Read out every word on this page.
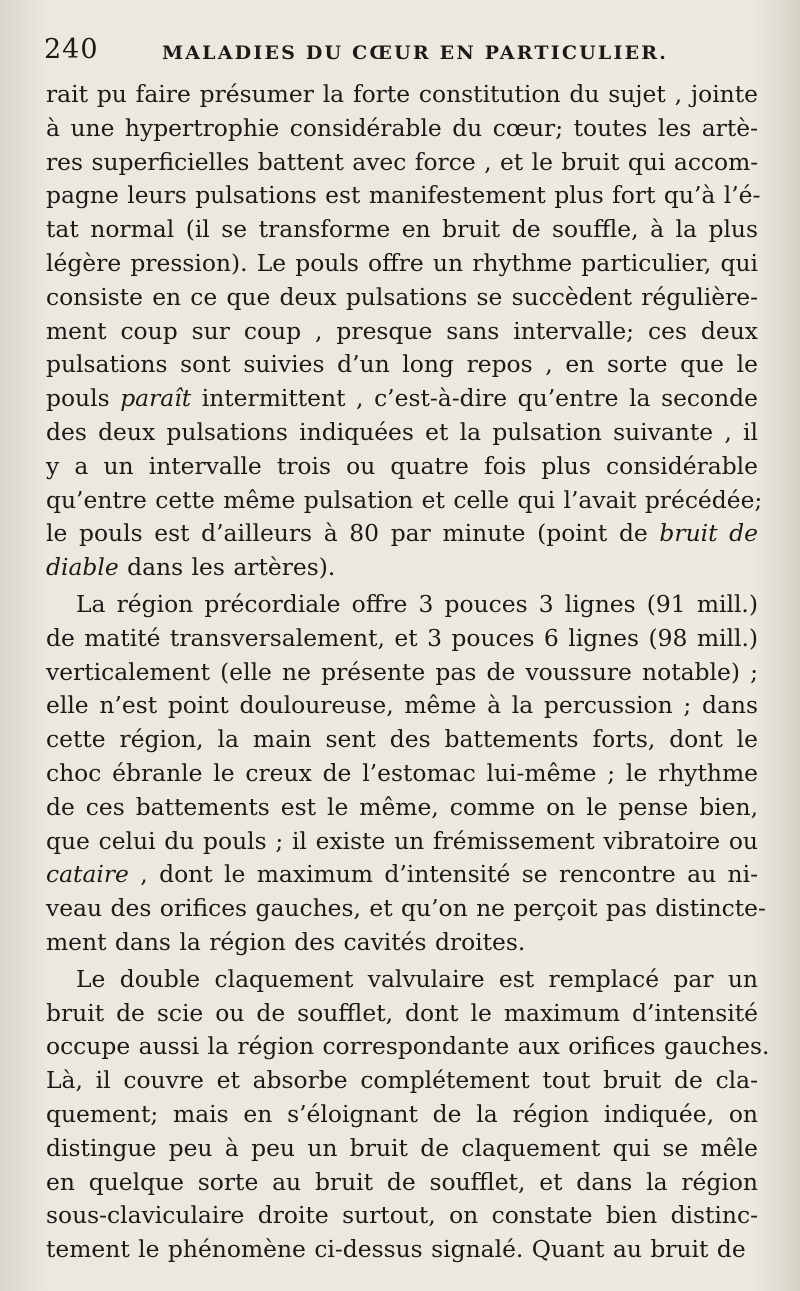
240	MALADIES DU CŒUR EN PARTICULIER.
rait pu faire présumer la forte constitution du sujet , jointe
à une hypertrophie considérable du cœur; toutes les artè-
res superficielles battent avec force , et le bruit qui accom-
pagne leurs pulsations est manifestement plus fort qu’à l’é-
tat normal (il se transforme en bruit de souffle, à la plus
légère pression). Le pouls offre un rhythme particulier, qui
consiste en ce que deux pulsations se succèdent régulière-
ment coup sur coup , presque sans intervalle; ces deux
pulsations sont suivies d’un long repos , en sorte que le
pouls paraît intermittent , c’est-à-dire qu’entre la seconde
des deux pulsations indiquées et la pulsation suivante , il
y a un intervalle trois ou quatre fois plus considérable
qu’entre cette même pulsation et celle qui l’avait précédée;
le pouls est d’ailleurs à 80 par minute (point de bruit de
diable dans les artères).
La région précordiale offre 3 pouces 3 lignes (91 mill.)
de matité transversalement, et 3 pouces 6 lignes (98 mill.)
verticalement (elle ne présente pas de voussure notable) ;
elle n’est point douloureuse, même à la percussion ; dans
cette région, la main sent des battements forts, dont le
choc ébranle le creux de l’estomac lui-même ; le rhythme
de ces battements est le même, comme on le pense bien,
que celui du pouls ; il existe un frémissement vibratoire ou
cataire , dont le maximum d’intensité se rencontre au ni-
veau des orifices gauches, et qu’on ne perçoit pas distincte-
ment dans la région des cavités droites.
Le double claquement valvulaire est remplacé par un
bruit de scie ou de soufflet, dont le maximum d’intensité
occupe aussi la région correspondante aux orifices gauches.
Là, il couvre et absorbe complétement tout bruit de cla-
quement; mais en s’éloignant de la région indiquée, on
distingue peu à peu un bruit de claquement qui se mêle
en quelque sorte au bruit de soufflet, et dans la région
sous-claviculaire droite surtout, on constate bien distinc-
tement le phénomène ci-dessus signalé. Quant au bruit de
